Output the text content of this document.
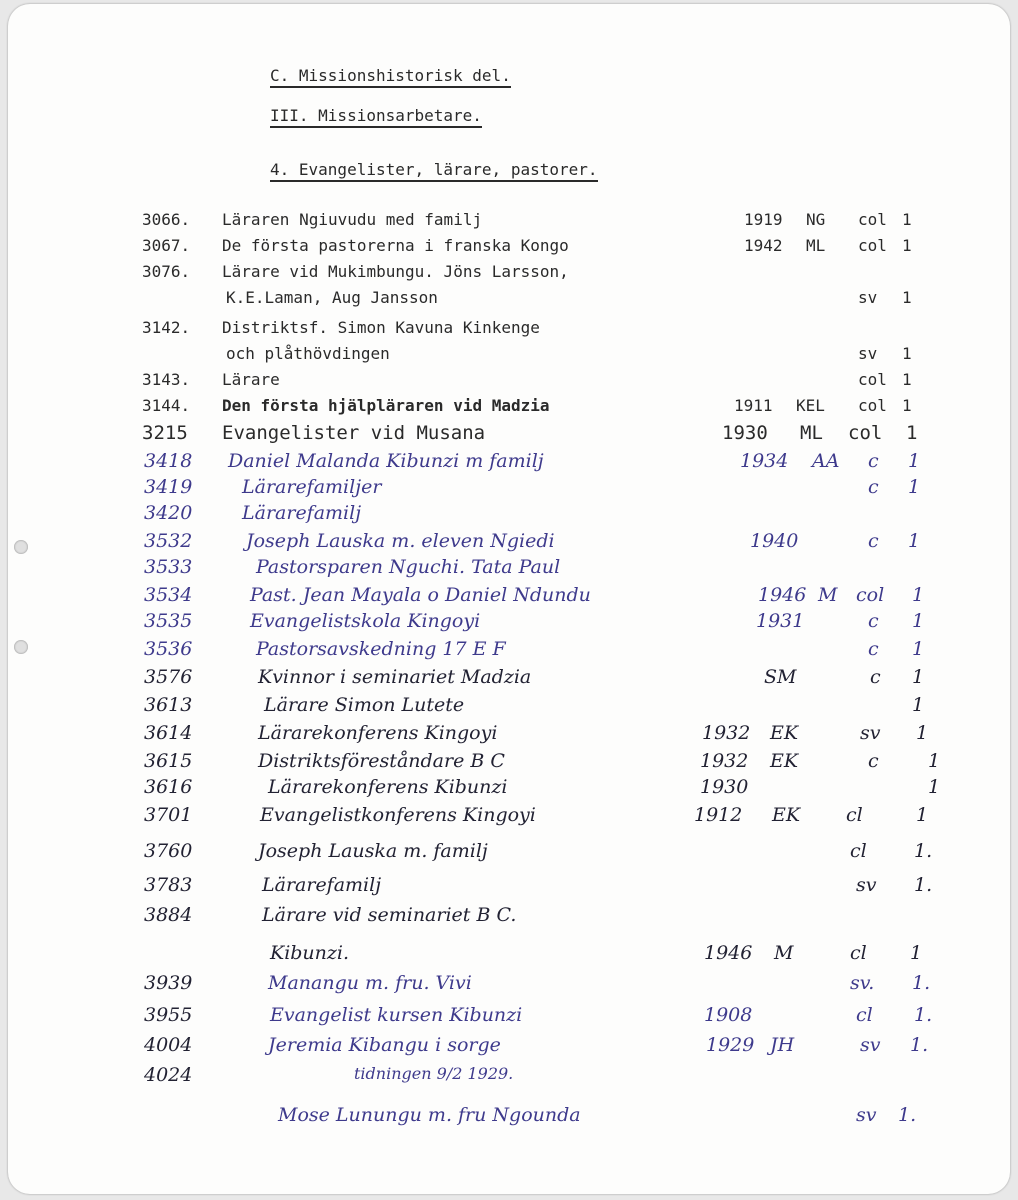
C. Missionshistorisk del.
III. Missionsarbetare.
4. Evangelister, lärare, pastorer.
3066. Läraren Ngiuvudu med familj	1919 NG col 1
3067. De första pastorerna i franska Kongo	1942 ML col 1
3076. Lärare vid Mukimbungu. Jöns Larsson,
K.E.Laman, Aug Jansson	sv 1
3142. Distriktsf. Simon Kavuna Kinkenge
och plåthövdingen	sv 1
3143. Lärare	col 1
3144. Den första hjälpläraren vid Madzia	1911 KEL col 1
3215 Evangelister vid Musana	1930 ML col 1
3418 Daniel Malanda Kibunzi m familj	1934 AA c 1
3419	Lärarefamiljer	c 1
3420	Lärarefamilj
3532	Joseph Lauska m. eleven Ngiedi	1940	c 1
3533	Pastorsparen Nguchi. Tata Paul
3534	Past. Jean Mayala o Daniel Ndundu	1946 M col 1
3535	Evangelistskola Kingoyi	1931	c 1
3536	Pastorsavskedning 17 E F	c 1
3576	Kvinnor i seminariet Madzia	SM	c 1
3613	Lärare Simon Lutete	1
3614	Lärarekonferens Kingoyi	1932 EK	sv 1
3615	Distriktsföreståndare B C	1932 EK	c	1
3616	Lärarekonferens Kibunzi	1930	1
3701	Evangelistkonferens Kingoyi	1912 EK cl	1
3760	Joseph Lauska m. familj	cl 1.
3783	Lärarefamilj	sv 1.
3884	Lärare vid seminariet B C.
Kibunzi.	1946 M	cl 1
3939	Manangu m. fru. Vivi	sv. 1.
3955	Evangelist kursen Kibunzi	1908	cl 1.
4004	Jeremia Kibangu i sorge	1929 JH	sv 1.
4024	tidningen 9/2 1929.
Mose Lunungu m. fru Ngounda	sv 1.
